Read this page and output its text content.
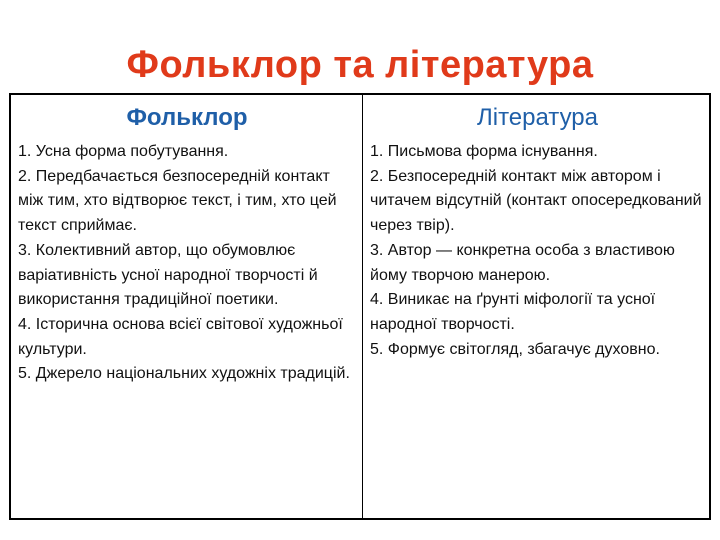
Фольклор та література
Фольклор

1. Усна форма побутування.

2. Передбачається безпосередній контакт між тим, хто відтворює текст, і тим, хто цей текст сприймає.

3. Колективний автор, що обумовлює варіативність усної народної творчості й використання традиційної поетики.

4. Історична основа всієї світової художньої культури.

5. Джерело національних художніх традицій.

Література

1. Письмова форма існування.

2. Безпосередній контакт між автором і читачем відсутній (контакт опосередкований через твір).

3. Автор — конкретна особа з властивою йому творчою манерою.

4. Виникає на ґрунті міфології та усної народної творчості.

5. Формує світогляд, збагачує духовно.
